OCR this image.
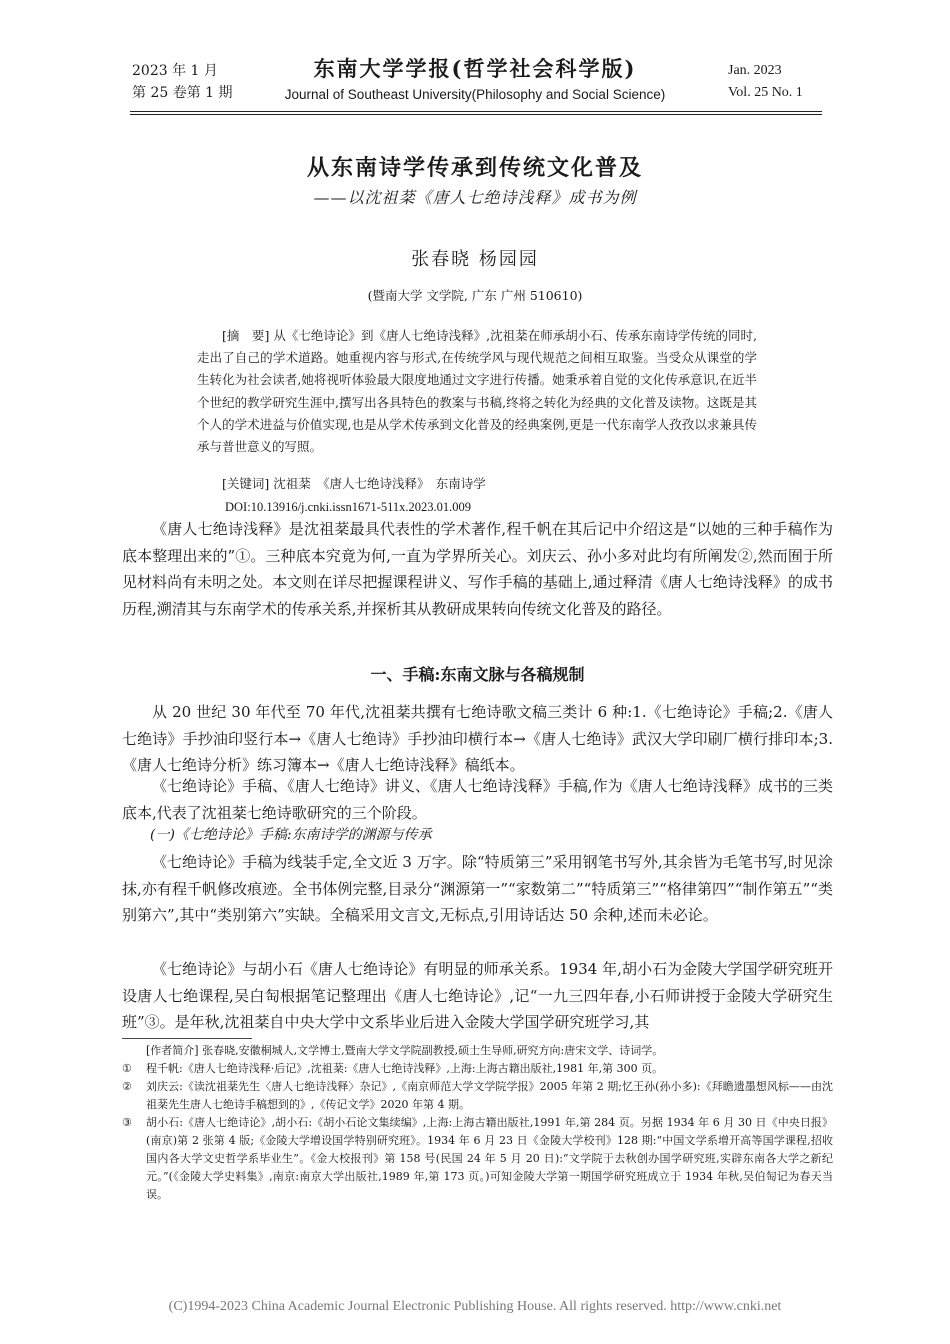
2023 年 1 月
第 25 卷第 1 期
东南大学学报(哲学社会科学版)
Journal of Southeast University(Philosophy and Social Science)
Jan. 2023
Vol. 25 No. 1
从东南诗学传承到传统文化普及
——以沈祖棻《唐人七绝诗浅释》成书为例
张春晓 杨园园
(暨南大学 文学院, 广东 广州 510610)
[摘　要] 从《七绝诗论》到《唐人七绝诗浅释》,沈祖棻在师承胡小石、传承东南诗学传统的同时,走出了自己的学术道路。她重视内容与形式,在传统学风与现代规范之间相互取鉴。当受众从课堂的学生转化为社会读者,她将视听体验最大限度地通过文字进行传播。她秉承着自觉的文化传承意识,在近半个世纪的教学研究生涯中,撰写出各具特色的教案与书稿,终将之转化为经典的文化普及读物。这既是其个人的学术进益与价值实现,也是从学术传承到文化普及的经典案例,更是一代东南学人孜孜以求兼具传承与普世意义的写照。
[关键词] 沈祖棻　《唐人七绝诗浅释》　东南诗学
DOI:10.13916/j.cnki.issn1671-511x.2023.01.009

《唐人七绝诗浅释》是沈祖棻最具代表性的学术著作,程千帆在其后记中介绍这是“以她的三种手稿作为底本整理出来的”①。三种底本究竟为何,一直为学界所关心。刘庆云、孙小多对此均有所阐发②,然而囿于所见材料尚有未明之处。本文则在详尽把握课程讲义、写作手稿的基础上,通过释清《唐人七绝诗浅释》的成书历程,溯清其与东南学术的传承关系,并探析其从教研成果转向传统文化普及的路径。

一、手稿:东南文脉与各稿规制

从 20 世纪 30 年代至 70 年代,沈祖棻共撰有七绝诗歌文稿三类计 6 种:1.《七绝诗论》手稿;2.《唐人七绝诗》手抄油印竖行本→《唐人七绝诗》手抄油印横行本→《唐人七绝诗》武汉大学印刷厂横行排印本;3.《唐人七绝诗分析》练习簿本→《唐人七绝诗浅释》稿纸本。

《七绝诗论》手稿、《唐人七绝诗》讲义、《唐人七绝诗浅释》手稿,作为《唐人七绝诗浅释》成书的三类底本,代表了沈祖棻七绝诗歌研究的三个阶段。

(一)《七绝诗论》手稿:东南诗学的渊源与传承

《七绝诗论》手稿为线装手定,全文近 3 万字。除“特质第三”采用钢笔书写外,其余皆为毛笔书写,时见涂抹,亦有程千帆修改痕迹。全书体例完整,目录分“渊源第一”“家数第二”“特质第三”“格律第四”“制作第五”“类别第六”,其中“类别第六”实缺。全稿采用文言文,无标点,引用诗话达 50 余种,述而未必论。

《七绝诗论》与胡小石《唐人七绝诗论》有明显的师承关系。1934 年,胡小石为金陵大学国学研究班开设唐人七绝课程,吴白匋根据笔记整理出《唐人七绝诗论》,记“一九三四年春,小石师讲授于金陵大学研究生班”③。是年秋,沈祖棻自中央大学中文系毕业后进入金陵大学国学研究班学习,其

[作者简介] 张春晓,安徽桐城人,文学博士,暨南大学文学院副教授,硕士生导师,研究方向:唐宋文学、诗词学。
①	程千帆:《唐人七绝诗浅释·后记》,沈祖棻:《唐人七绝诗浅释》,上海:上海古籍出版社,1981 年,第 300 页。
②	刘庆云:《读沈祖棻先生〈唐人七绝诗浅释〉杂记》,《南京师范大学文学院学报》2005 年第 2 期;忆王孙(孙小多):《拜瞻遗墨想风标——由沈祖棻先生唐人七绝诗手稿想到的》,《传记文学》2020 年第 4 期。
③	胡小石:《唐人七绝诗论》,胡小石:《胡小石论文集续编》,上海:上海古籍出版社,1991 年,第 284 页。另据 1934 年 6 月 30 日《中央日报》(南京)第 2 张第 4 版;《金陵大学增设国学特别研究班》。1934 年 6 月 23 日《金陵大学校刊》128 期:“中国文学系增开高等国学课程,招收国内各大学文史哲学系毕业生”。《金大校报刊》第 158 号(民国 24 年 5 月 20 日):“文学院于去秋创办国学研究班,实辟东南各大学之新纪元。”(《金陵大学史料集》,南京:南京大学出版社,1989 年,第 173 页。)可知金陵大学第一期国学研究班成立于 1934 年秋,吴伯匋记为春天当误。
(C)1994-2023 China Academic Journal Electronic Publishing House. All rights reserved. http://www.cnki.net
